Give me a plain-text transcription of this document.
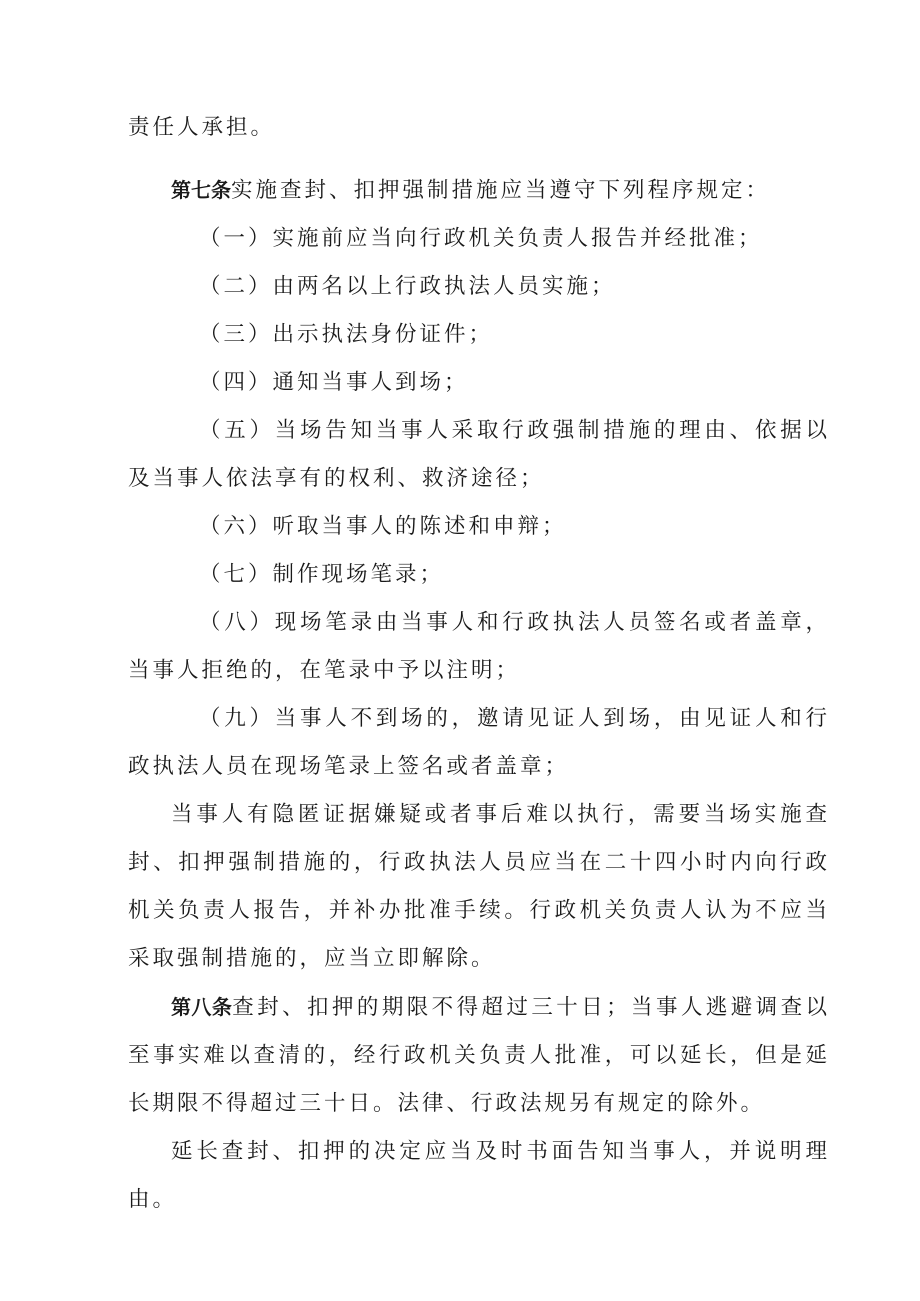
责任人承担。

第七条实施查封、扣押强制措施应当遵守下列程序规定：

（一）实施前应当向行政机关负责人报告并经批准；

（二）由两名以上行政执法人员实施；

（三）出示执法身份证件；

（四）通知当事人到场；

（五）当场告知当事人采取行政强制措施的理由、依据以及当事人依法享有的权利、救济途径；

（六）听取当事人的陈述和申辩；

（七）制作现场笔录；

（八）现场笔录由当事人和行政执法人员签名或者盖章，当事人拒绝的，在笔录中予以注明；

（九）当事人不到场的，邀请见证人到场，由见证人和行政执法人员在现场笔录上签名或者盖章；

当事人有隐匿证据嫌疑或者事后难以执行，需要当场实施查封、扣押强制措施的，行政执法人员应当在二十四小时内向行政机关负责人报告，并补办批准手续。行政机关负责人认为不应当采取强制措施的，应当立即解除。

第八条查封、扣押的期限不得超过三十日；当事人逃避调查以至事实难以查清的，经行政机关负责人批准，可以延长，但是延长期限不得超过三十日。法律、行政法规另有规定的除外。

延长查封、扣押的决定应当及时书面告知当事人，并说明理由。
